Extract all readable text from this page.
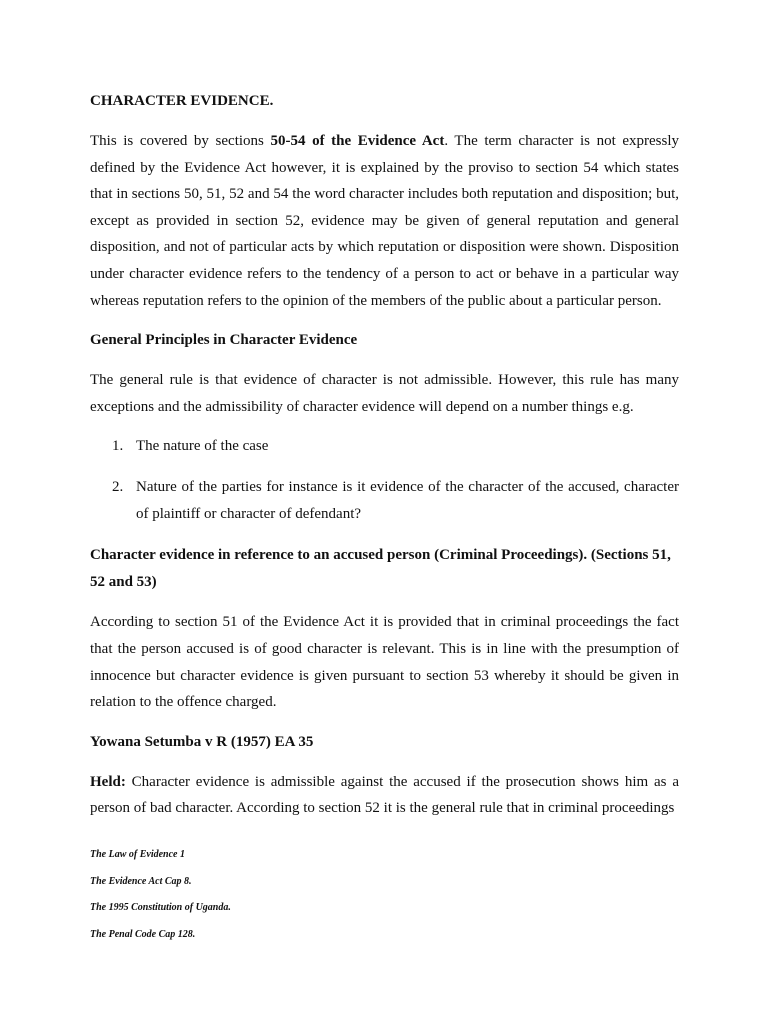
CHARACTER EVIDENCE.

This is covered by sections 50-54 of the Evidence Act. The term character is not expressly defined by the Evidence Act however, it is explained by the proviso to section 54 which states that in sections 50, 51, 52 and 54 the word character includes both reputation and disposition; but, except as provided in section 52, evidence may be given of general reputation and general disposition, and not of particular acts by which reputation or disposition were shown. Disposition under character evidence refers to the tendency of a person to act or behave in a particular way whereas reputation refers to the opinion of the members of the public about a particular person.

General Principles in Character Evidence

The general rule is that evidence of character is not admissible. However, this rule has many exceptions and the admissibility of character evidence will depend on a number things e.g.

1. The nature of the case
2. Nature of the parties for instance is it evidence of the character of the accused, character of plaintiff or character of defendant?

Character evidence in reference to an accused person (Criminal Proceedings). (Sections 51, 52 and 53)

According to section 51 of the Evidence Act it is provided that in criminal proceedings the fact that the person accused is of good character is relevant. This is in line with the presumption of innocence but character evidence is given pursuant to section 53 whereby it should be given in relation to the offence charged.

Yowana Setumba v R (1957) EA 35

Held: Character evidence is admissible against the accused if the prosecution shows him as a person of bad character. According to section 52 it is the general rule that in criminal proceedings

The Law of Evidence 1

The Evidence Act Cap 8.

The 1995 Constitution of Uganda.

The Penal Code Cap 128.
